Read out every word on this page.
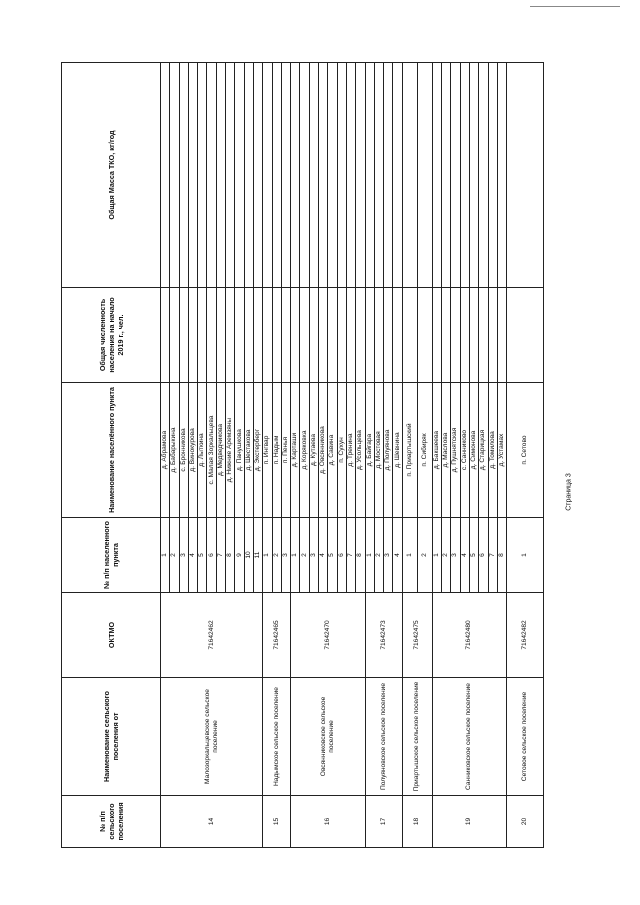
№ п/п сельского поселения	Наименование сельского поселения от	ОКТМО	№ п/п населенного пункта	Наименование населённого пункта	Общая численность населения на начало 2019 г., чел.	Общая Масса ТКО, кг/год
14	Малозоркальцевское сельское поселение	71642462	1	д. Абрамова		
			2	д. Бабарыкина		
			3	с. Бронникова		
			4	д. Винокурова		
			5	д. Лыткина		
			6	с. Малая Зоркальцева		
			7	д. Медведчикова		
			8	д. Нижние Аремзяны		
			9	д. Панушкова		
			10	д. Шестакова		
			11	д. Экстерберг		
15	Надымское сельское поселение	71642465	1	п. Ингвар		
			2	п. Надым		
			3	п. Пенья		
16	Овсянниковское сельское поселение	71642470	1	д. Карташи		
			2	д. Коряковка		
			3	д. Кутаева		
			4	д. Овсянникова		
			5	д. Савина		
			6	п. Сухун		
			7	д. Тренина		
			8	д. Усольцева		
17	Полуяновское сельское поселение	71642473	1	д. Байгара		
			2	д. Мостовая		
			3	д. Полуянова		
			4	д. Шевнина		
18	Приартышское сельское поселение	71642475	1	п. Приартышский		
			2	п. Сибиряк		
19	Санниковское сельское поселение	71642480	1	д. Бакшеева		
			2	д. Маслова		
			3	д. Пушнятская		
			4	с. Санниково		
			5	д. Симонова		
			6	д. Старицкая		
			7	д. Томилова		
			8	д. Устамах		
20	Сетовое сельское поселение	71642482	1	п. Сетово		
Страница 3
